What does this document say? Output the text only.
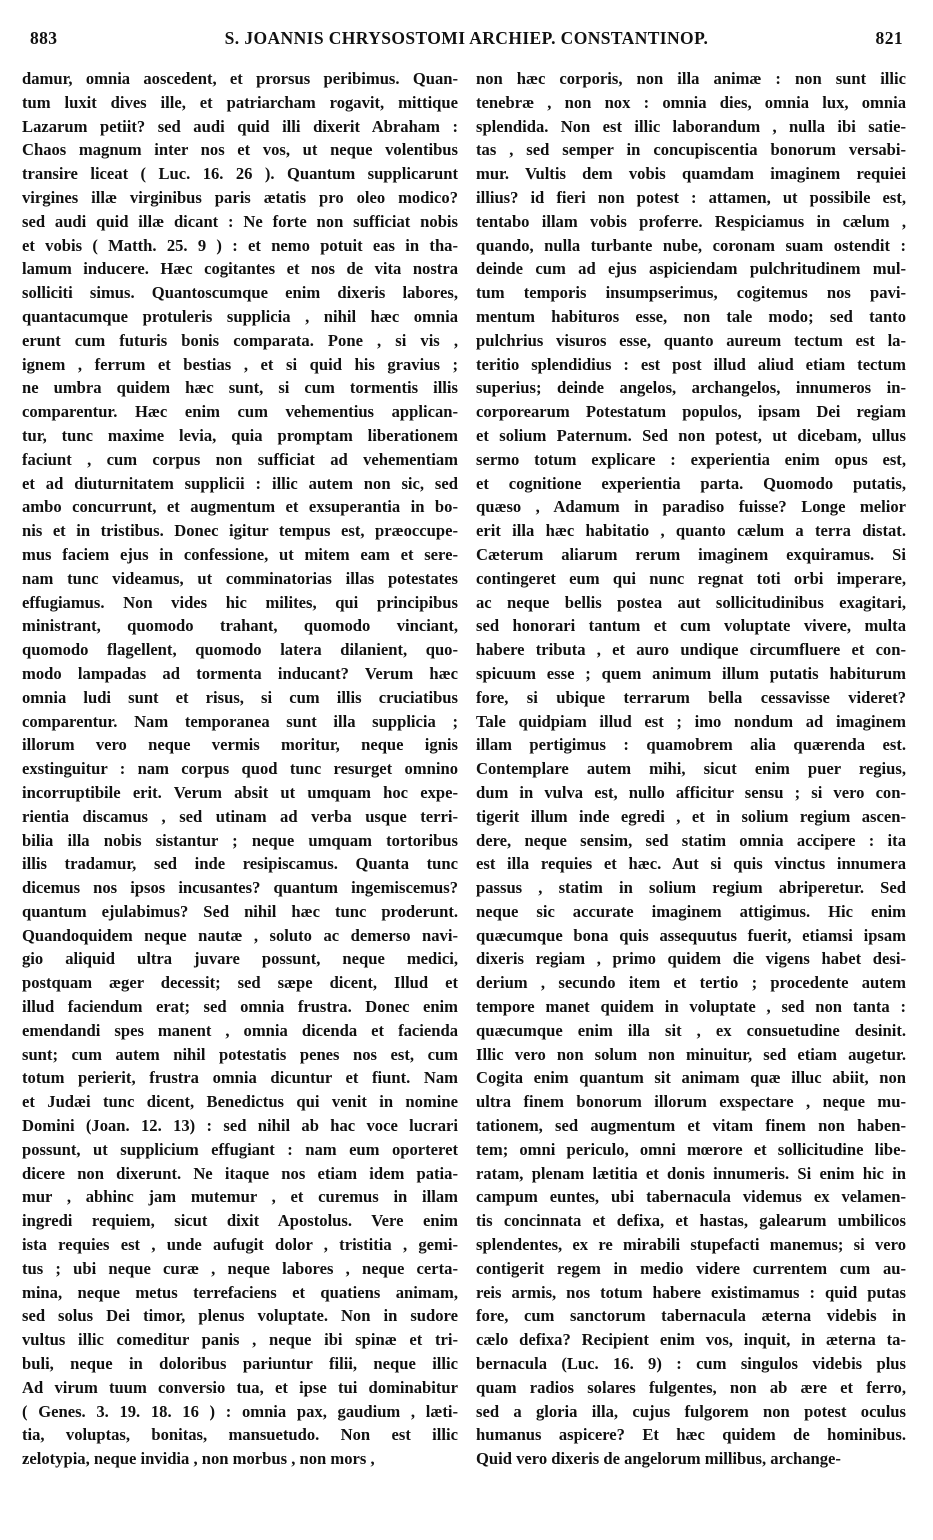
883	S. JOANNIS CHRYSOSTOMI ARCHIEP. CONSTANTINOP.	821
damur, omnia aoscedent, et prorsus peribimus. Quan-
tum luxit dives ille, et patriarcham rogavit, mittique
Lazarum petiit? sed audi quid illi dixerit Abraham :
Chaos magnum inter nos et vos, ut neque volentibus
transire liceat ( Luc. 16. 26 ). Quantum supplicarunt
virgines illæ virginibus paris ætatis pro oleo modico?
sed audi quid illæ dicant : Ne forte non sufficiat nobis
et vobis ( Matth. 25. 9 ) : et nemo potuit eas in tha-
lamum inducere. Hæc cogitantes et nos de vita nostra
solliciti simus. Quantoscumque enim dixeris labores,
quantacumque protuleris supplicia , nihil hæc omnia
erunt cum futuris bonis comparata. Pone , si vis ,
ignem , ferrum et bestias , et si quid his gravius ;
ne umbra quidem hæc sunt, si cum tormentis illis
comparentur. Hæc enim cum vehementius applican-
tur, tunc maxime levia, quia promptam liberationem
faciunt , cum corpus non sufficiat ad vehementiam
et ad diuturnitatem supplicii : illic autem non sic, sed
ambo concurrunt, et augmentum et exsuperantia in bo-
nis et in tristibus. Donec igitur tempus est, præoccupe-
mus faciem ejus in confessione, ut mitem eam et sere-
nam tunc videamus, ut comminatorias illas potestates
effugiamus. Non vides hic milites, qui principibus
ministrant, quomodo trahant, quomodo vinciant,
quomodo flagellent, quomodo latera dilanient, quo-
modo lampadas ad tormenta inducant? Verum hæc
omnia ludi sunt et risus, si cum illis cruciatibus
comparentur. Nam temporanea sunt illa supplicia ;
illorum vero neque vermis moritur, neque ignis
exstinguitur : nam corpus quod tunc resurget omnino
incorruptibile erit. Verum absit ut umquam hoc expe-
rientia discamus , sed utinam ad verba usque terri-
bilia illa nobis sistantur ; neque umquam tortoribus
illis tradamur, sed inde resipiscamus. Quanta tunc
dicemus nos ipsos incusantes? quantum ingemiscemus?
quantum ejulabimus? Sed nihil hæc tunc proderunt.
Quandoquidem neque nautæ , soluto ac demerso navi-
gio aliquid ultra juvare possunt, neque medici,
postquam æger decessit; sed sæpe dicent, Illud et
illud faciendum erat; sed omnia frustra. Donec enim
emendandi spes manent , omnia dicenda et facienda
sunt; cum autem nihil potestatis penes nos est, cum
totum perierit, frustra omnia dicuntur et fiunt. Nam
et Judæi tunc dicent, Benedictus qui venit in nomine
Domini (Joan. 12. 13) : sed nihil ab hac voce lucrari
possunt, ut supplicium effugiant : nam eum oporteret
dicere non dixerunt. Ne itaque nos etiam idem patia-
mur , abhinc jam mutemur , et curemus in illam
ingredi requiem, sicut dixit Apostolus. Vere enim
ista requies est , unde aufugit dolor , tristitia , gemi-
tus ; ubi neque curæ , neque labores , neque certa-
mina, neque metus terrefaciens et quatiens animam,
sed solus Dei timor, plenus voluptate. Non in sudore
vultus illic comeditur panis , neque ibi spinæ et tri-
buli, neque in doloribus pariuntur filii, neque illic
Ad virum tuum conversio tua, et ipse tui dominabitur
( Genes. 3. 19. 18. 16 ) : omnia pax, gaudium , læti-
tia, voluptas, bonitas, mansuetudo. Non est illic
zelotypia, neque invidia , non morbus , non mors ,
non hæc corporis, non illa animæ : non sunt illic
tenebræ , non nox : omnia dies, omnia lux, omnia
splendida. Non est illic laborandum , nulla ibi satie-
tas , sed semper in concupiscentia bonorum versabi-
mur. Vultis dem vobis quamdam imaginem requiei
illius? id fieri non potest : attamen, ut possibile est,
tentabo illam vobis proferre. Respiciamus in cælum ,
quando, nulla turbante nube, coronam suam ostendit :
deinde cum ad ejus aspiciendam pulchritudinem mul-
tum temporis insumpserimus, cogitemus nos pavi-
mentum habituros esse, non tale modo; sed tanto
pulchrius visuros esse, quanto aureum tectum est la-
teritio splendidius : est post illud aliud etiam tectum
superius; deinde angelos, archangelos, innumeros in-
corporearum Potestatum populos, ipsam Dei regiam
et solium Paternum. Sed non potest, ut dicebam, ullus
sermo totum explicare : experientia enim opus est,
et cognitione experientia parta. Quomodo putatis,
quæso , Adamum in paradiso fuisse? Longe melior
erit illa hæc habitatio , quanto cælum a terra distat.
Cæterum aliarum rerum imaginem exquiramus. Si
contingeret eum qui nunc regnat toti orbi imperare,
ac neque bellis postea aut sollicitudinibus exagitari,
sed honorari tantum et cum voluptate vivere, multa
habere tributa , et auro undique circumfluere et con-
spicuum esse ; quem animum illum putatis habiturum
fore, si ubique terrarum bella cessavisse videret?
Tale quidpiam illud est ; imo nondum ad imaginem
illam pertigimus : quamobrem alia quærenda est.
Contemplare autem mihi, sicut enim puer regius,
dum in vulva est, nullo afficitur sensu ; si vero con-
tigerit illum inde egredi , et in solium regium ascen-
dere, neque sensim, sed statim omnia accipere : ita
est illa requies et hæc. Aut si quis vinctus innumera
passus , statim in solium regium abriperetur. Sed
neque sic accurate imaginem attigimus. Hic enim
quæcumque bona quis assequutus fuerit, etiamsi ipsam
dixeris regiam , primo quidem die vigens habet desi-
derium , secundo item et tertio ; procedente autem
tempore manet quidem in voluptate , sed non tanta :
quæcumque enim illa sit , ex consuetudine desinit.
Illic vero non solum non minuitur, sed etiam augetur.
Cogita enim quantum sit animam quæ illuc abiit, non
ultra finem bonorum illorum exspectare , neque mu-
tationem, sed augmentum et vitam finem non haben-
tem; omni periculo, omni mœrore et sollicitudine libe-
ratam, plenam lætitia et donis innumeris. Si enim hic in
campum euntes, ubi tabernacula videmus ex velamen-
tis concinnata et defixa, et hastas, galearum umbilicos
splendentes, ex re mirabili stupefacti manemus; si vero
contigerit regem in medio videre currentem cum au-
reis armis, nos totum habere existimamus : quid putas
fore, cum sanctorum tabernacula æterna videbis in
cælo defixa? Recipient enim vos, inquit, in æterna ta-
bernacula (Luc. 16. 9) : cum singulos videbis plus
quam radios solares fulgentes, non ab ære et ferro,
sed a gloria illa, cujus fulgorem non potest oculus
humanus aspicere? Et hæc quidem de hominibus.
Quid vero dixeris de angelorum millibus, archange-
